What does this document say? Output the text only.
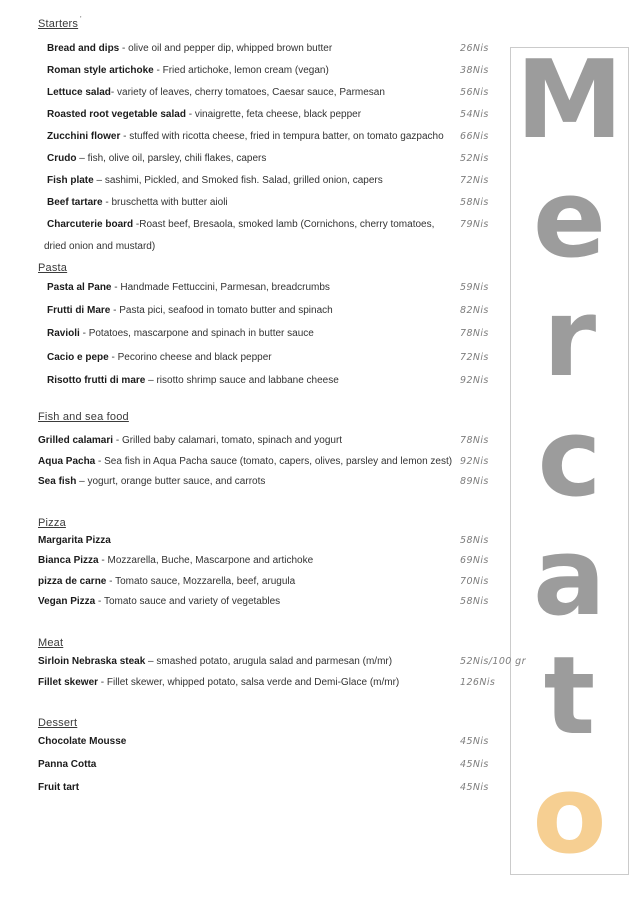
Starters '
Bread and dips - olive oil and pepper dip, whipped brown butter	26Nis
Roman style artichoke - Fried artichoke, lemon cream (vegan)	38Nis
Lettuce salad- variety of leaves, cherry tomatoes, Caesar sauce, Parmesan	56Nis
Roasted root vegetable salad - vinaigrette, feta cheese, black pepper	54Nis
Zucchini flower - stuffed with ricotta cheese, fried in tempura batter, on tomato gazpacho 66Nis
Crudo – fish, olive oil, parsley, chili flakes, capers	52Nis
Fish plate – sashimi, Pickled, and Smoked fish. Salad, grilled onion, capers	72Nis
Beef tartare - bruschetta with butter aioli	58Nis
Charcuterie board -Roast beef, Bresaola, smoked lamb (Cornichons, cherry tomatoes,
dried onion and mustard)
79Nis
Pasta
Pasta al Pane - Handmade Fettuccini, Parmesan, breadcrumbs	59Nis
Frutti di Mare - Pasta pici, seafood in tomato butter and spinach	82Nis
Ravioli - Potatoes, mascarpone and spinach in butter sauce	78Nis
Cacio e pepe - Pecorino cheese and black pepper	72Nis
Risotto frutti di mare – risotto shrimp sauce and labbane cheese	92Nis
Fish and sea food
Grilled calamari - Grilled baby calamari, tomato, spinach and yogurt	78Nis
Aqua Pacha - Sea fish in Aqua Pacha sauce (tomato, capers, olives, parsley and lemon zest) 92Nis
Sea fish – yogurt, orange butter sauce, and carrots	89Nis
Pizza
Margarita Pizza	58Nis
Bianca Pizza - Mozzarella, Buche, Mascarpone and artichoke	69Nis
pizza de carne - Tomato sauce, Mozzarella, beef, arugula	70Nis
Vegan Pizza - Tomato sauce and variety of vegetables	58Nis
Meat
Sirloin Nebraska steak – smashed potato, arugula salad and parmesan (m/mr)	52Nis/100 gr
Fillet skewer - Fillet skewer, whipped potato, salsa verde and Demi-Glace (m/mr)	126Nis
Dessert
Chocolate Mousse	45Nis
Panna Cotta	45Nis
Fruit tart	45Nis
M
e
r
c
a
t
o
